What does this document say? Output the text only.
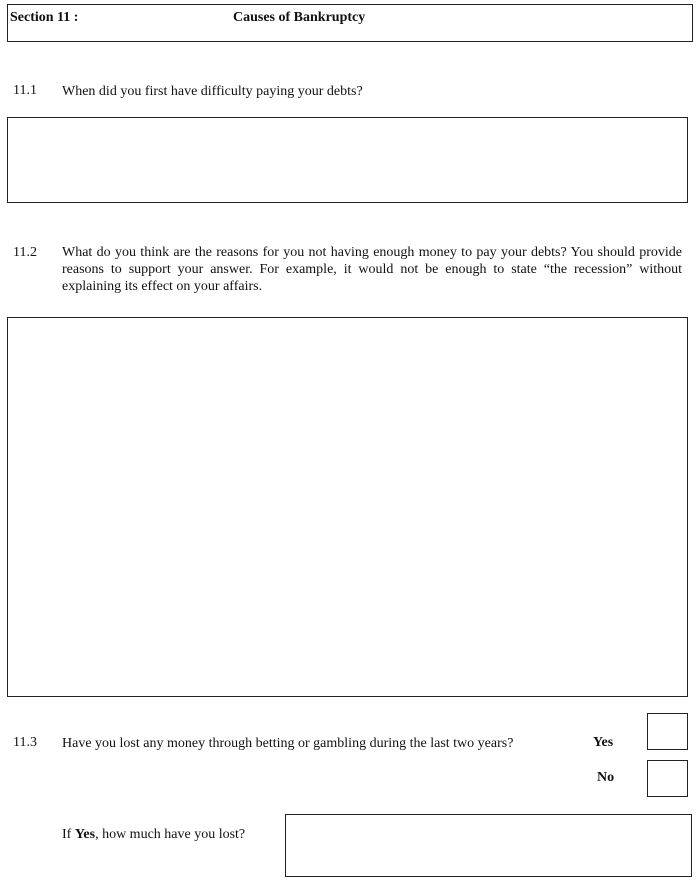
Section 11 :	Causes of Bankruptcy
11.1 When did you first have difficulty paying your debts?
11.2 What do you think are the reasons for you not having enough money to pay your debts? You should provide reasons to support your answer. For example, it would not be enough to state “the recession” without explaining its effect on your affairs.
11.3 Have you lost any money through betting or gambling during the last two years?	Yes
No
If Yes, how much have you lost?
